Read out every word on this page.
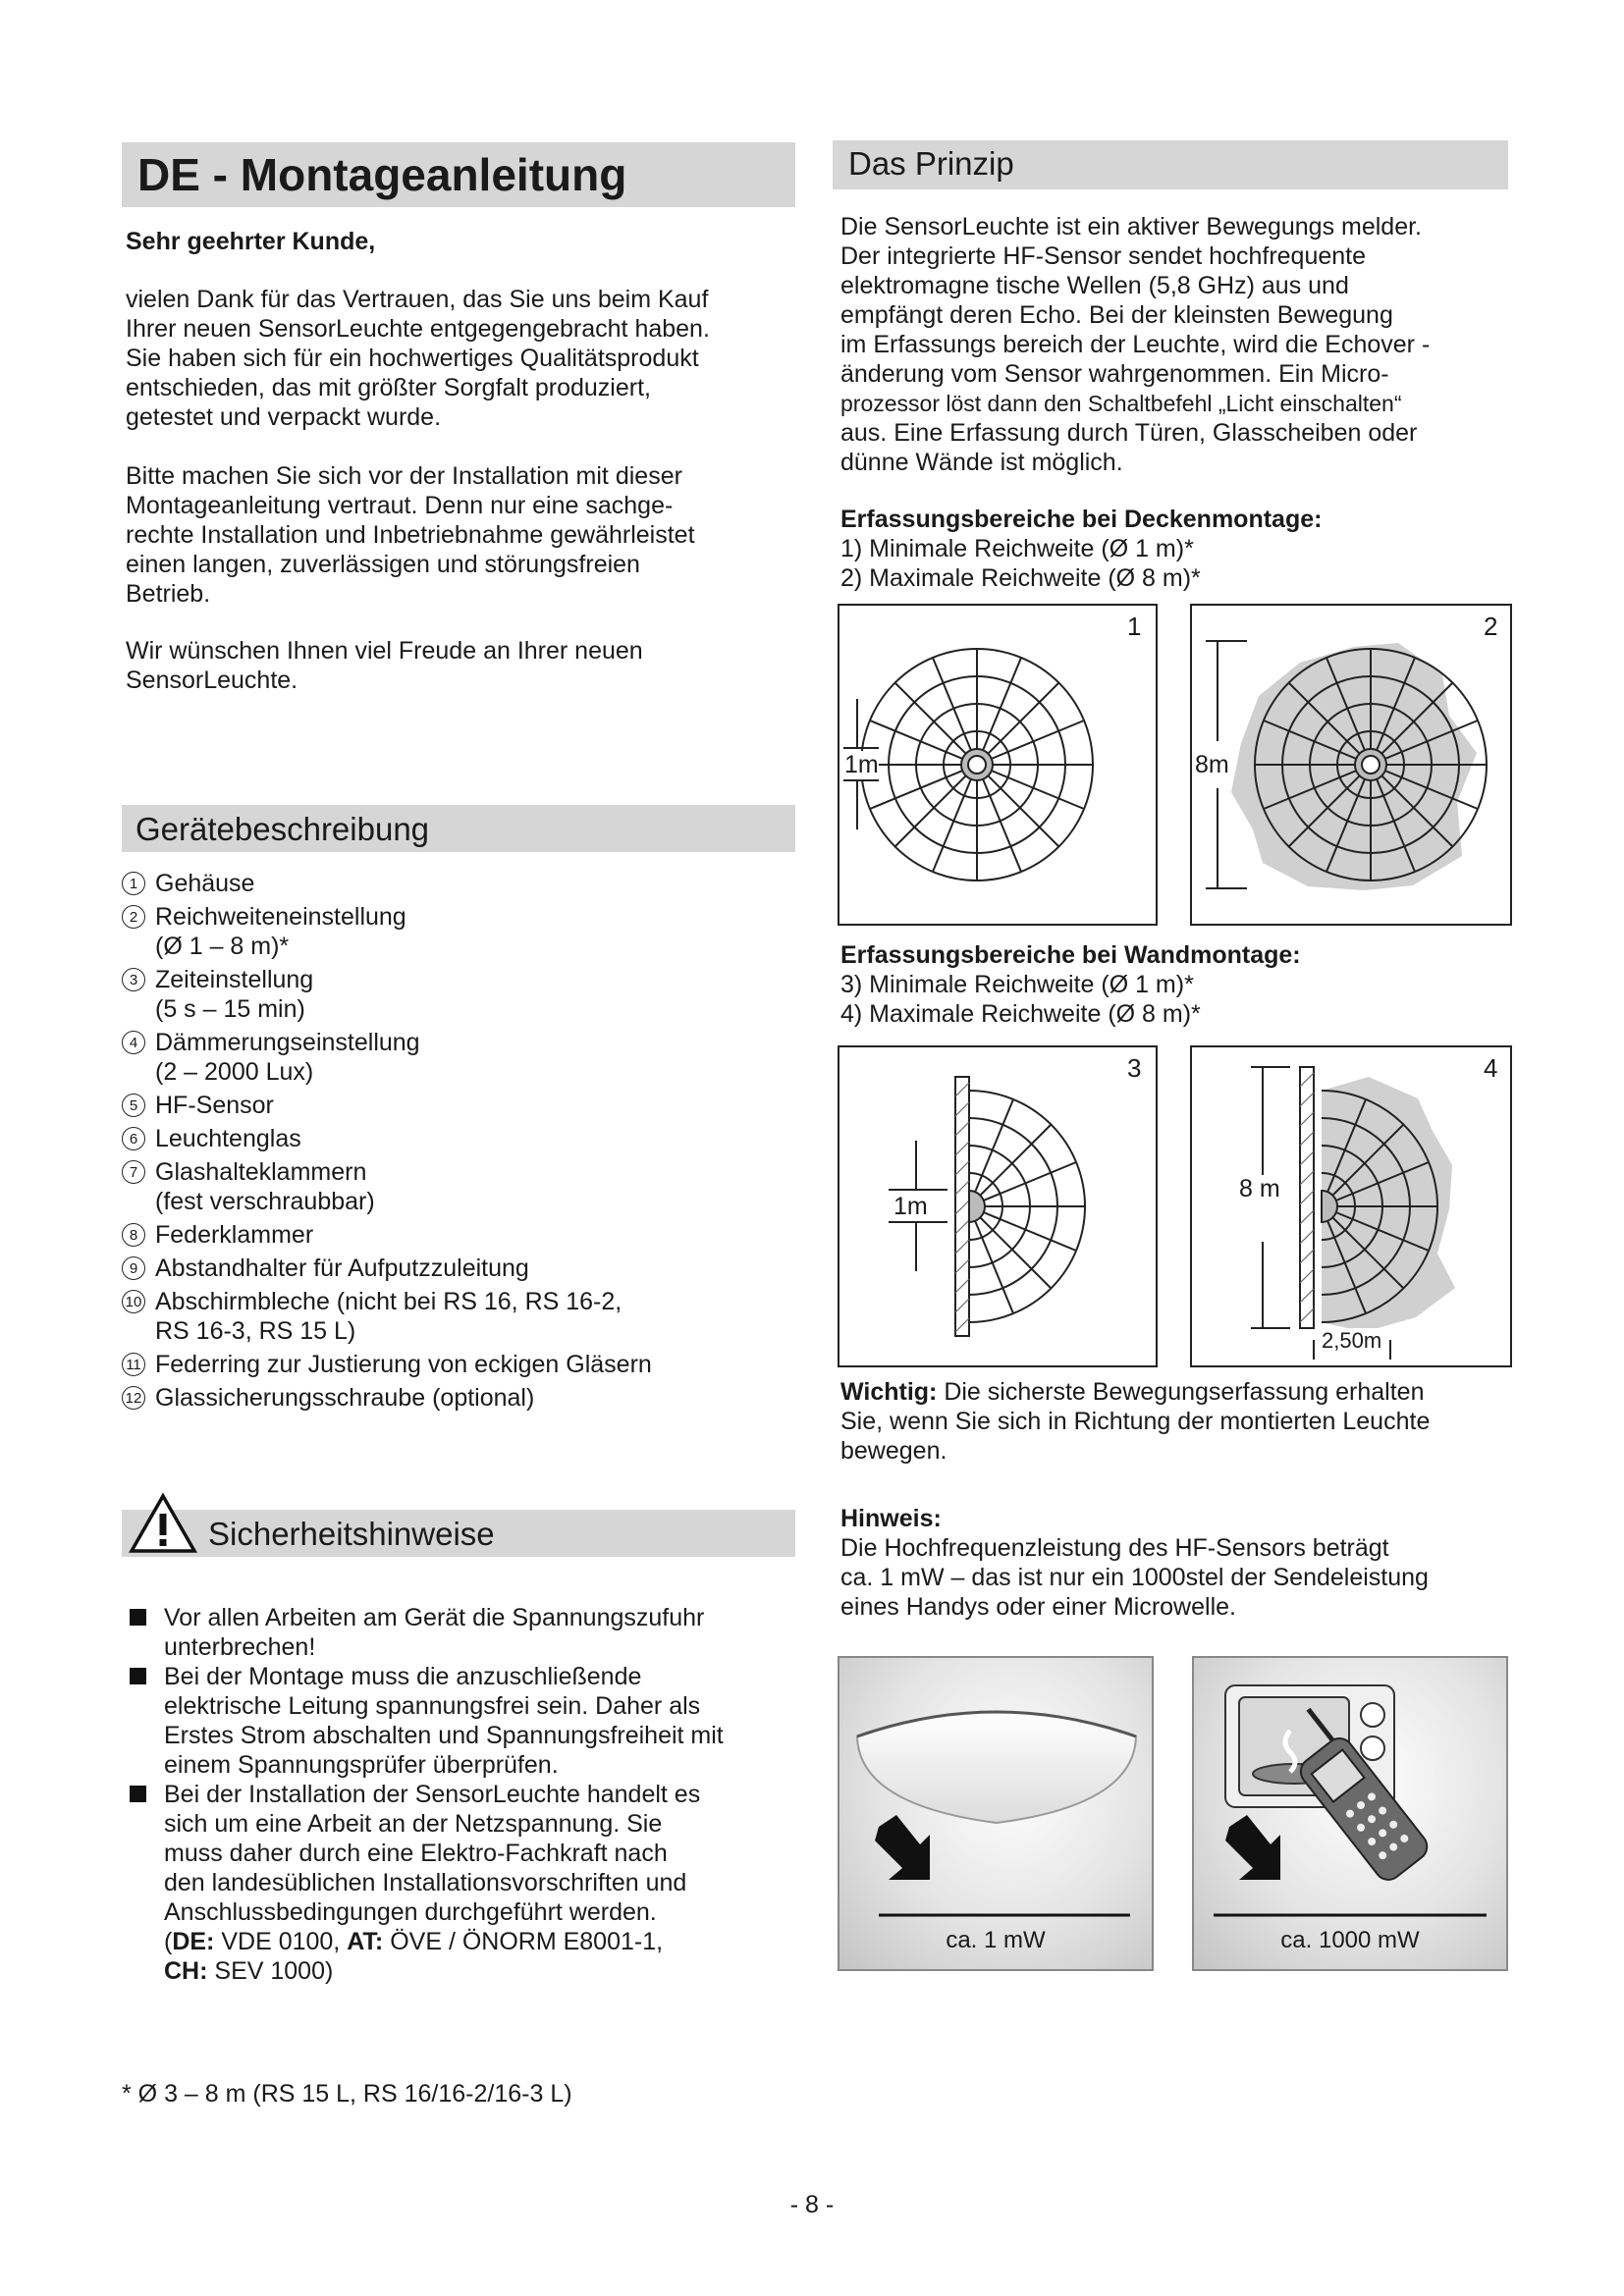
DE - Montageanleitung
Sehr geehrter Kunde,
vielen Dank für das Vertrauen, das Sie uns beim Kauf
Ihrer neuen SensorLeuchte entgegengebracht haben.
Sie haben sich für ein hochwertiges Qualitätsprodukt
entschieden, das mit größter Sorgfalt produziert,
getestet und verpackt wurde.
Bitte machen Sie sich vor der Installation mit dieser
Montageanleitung vertraut. Denn nur eine sachge-
rechte Installation und Inbetriebnahme gewährleistet
einen langen, zuverlässigen und störungsfreien
Betrieb.
Wir wünschen Ihnen viel Freude an Ihrer neuen
SensorLeuchte.
Gerätebeschreibung
1 Gehäuse
2 Reichweiteneinstellung
(Ø 1 – 8 m)*
3 Zeiteinstellung
(5 s – 15 min)
4 Dämmerungseinstellung
(2 – 2000 Lux)
5 HF-Sensor
6 Leuchtenglas
7 Glashalteklammern
(fest verschraubbar)
8 Federklammer
9 Abstandhalter für Aufputzzuleitung
10 Abschirmbleche (nicht bei RS 16, RS 16-2,
RS 16-3, RS 15 L)
11 Federring zur Justierung von eckigen Gläsern
12 Glassicherungsschraube (optional)
Sicherheitshinweise
Vor allen Arbeiten am Gerät die Spannungszufuhr
unterbrechen!
Bei der Montage muss die anzuschließende
elektrische Leitung spannungsfrei sein. Daher als
Erstes Strom abschalten und Spannungsfreiheit mit
einem Spannungsprüfer überprüfen.
Bei der Installation der SensorLeuchte handelt es
sich um eine Arbeit an der Netzspannung. Sie
muss daher durch eine Elektro-Fachkraft nach
den landesüblichen Installationsvorschriften und
Anschlussbedingungen durchgeführt werden.
(DE: VDE 0100, AT: ÖVE / ÖNORM E8001-1,
CH: SEV 1000)
* Ø 3 – 8 m (RS 15 L, RS 16/16-2/16-3 L)
Das Prinzip
Die SensorLeuchte ist ein aktiver Bewegungs melder.
Der integrierte HF-Sensor sendet hochfrequente
elektromagne tische Wellen (5,8 GHz) aus und
empfängt deren Echo. Bei der kleinsten Bewegung
im Erfassungs bereich der Leuchte, wird die Echover -
änderung vom Sensor wahrgenommen. Ein Micro-
prozessor löst dann den Schaltbefehl „Licht einschalten“
aus. Eine Erfassung durch Türen, Glasscheiben oder
dünne Wände ist möglich.
Erfassungsbereiche bei Deckenmontage:
1) Minimale Reichweite (Ø 1 m)*
2) Maximale Reichweite (Ø 8 m)*
1
1m
2
8m
Erfassungsbereiche bei Wandmontage:
3) Minimale Reichweite (Ø 1 m)*
4) Maximale Reichweite (Ø 8 m)*
3
1m
4
8 m
2,50m
Wichtig: Die sicherste Bewegungserfassung erhalten
Sie, wenn Sie sich in Richtung der montierten Leuchte
bewegen.
Hinweis:
Die Hochfrequenzleistung des HF-Sensors beträgt
ca. 1 mW – das ist nur ein 1000stel der Sendeleistung
eines Handys oder einer Microwelle.
ca. 1 mW	ca. 1000 mW
- 8 -
